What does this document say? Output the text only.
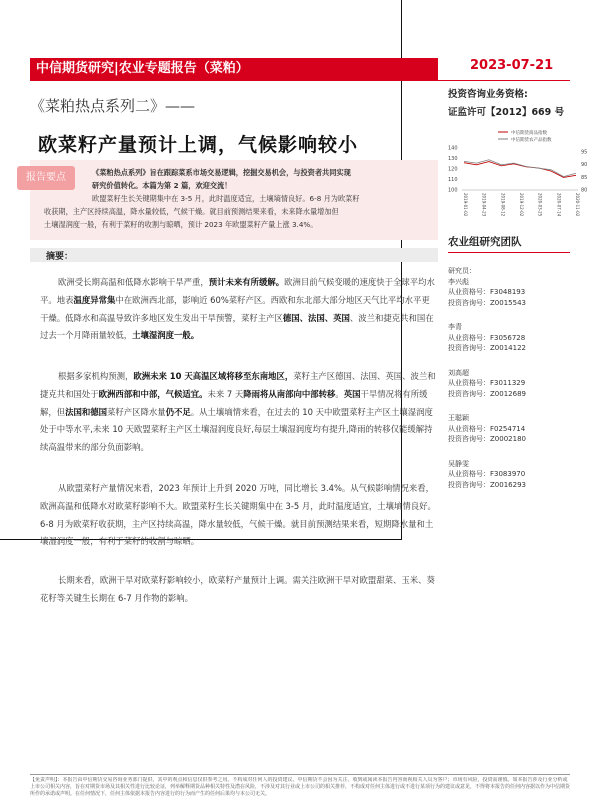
中信期货研究|农业专题报告（菜粕）	2023-07-21
《菜粕热点系列二》——
欧菜籽产量预计上调，气候影响较小
报告要点	《菜粕热点系列》旨在跟踪菜系市场交易逻辑，挖掘交易机会，与投资者共同实现
研究价值转化。本篇为第 2 篇，欢迎交流！
欧盟菜籽生长关键期集中在 3-5 月，此时温度适宜，土壤墒情良好。6-8 月为欧菜籽
收获期，主产区持续高温，降水量较低，气候干燥。就目前预测结果来看，未来降水量增加但
土壤湿润度一般，有利于菜籽的收割与晾晒，预计 2023 年欧盟菜籽产量上涨 3.4%。
摘要：
欧洲受长期高温和低降水影响干旱严重，预计未来有所缓解。欧洲目前气候变暖的速度快于全球平均水平。地表温度异常集中在欧洲西北部，影响近 60%菜籽产区。西欧和东北部大部分地区天气比平均水平更干燥。低降水和高温导致许多地区发生发出干旱预警，菜籽主产区德国、法国、英国、波兰和捷克共和国在过去一个月降雨量较低，土壤湿润度一般。
根据多家机构预测，欧洲未来 10 天高温区域将移至东南地区，菜籽主产区德国、法国、英国、波兰和捷克共和国处于欧洲西部和中部，气候适宜。未来 7 天降雨将从南部向中部转移。英国干旱情况将有所缓解，但法国和德国菜籽产区降水量仍不足。从土壤墒情来看，在过去的 10 天中欧盟菜籽主产区土壤湿润度处于中等水平,未来 10 天欧盟菜籽主产区土壤湿润度良好,每层土壤湿润度均有提升,降雨的转移仅能缓解持续高温带来的部分负面影响。
从欧盟菜籽产量情况来看，2023 年预计上升到 2020 万吨，同比增长 3.4%。从气候影响情况来看，欧洲高温和低降水对欧菜籽影响不大。欧盟菜籽生长关键期集中在 3-5 月，此时温度适宜，土壤墒情良好。6-8 月为欧菜籽收获期，主产区持续高温，降水量较低，气候干燥。就目前预测结果来看，短期降水量和土壤湿润度一般，有利于菜籽的收割与晾晒。
长期来看，欧洲干旱对欧菜籽影响较小，欧菜籽产量预计上调。需关注欧洲干旱对欧盟甜菜、玉米、葵花籽等关键生长期在 6-7 月作物的影响。
投资咨询业务资格:
证监许可【2012】669 号
中信期货商品指数
中信期货农产品指数
140
130
120
110
100
95
90
85
80
2019-01-02	2019-04-23	2019-08-12	2019-12-02	2020-03-25	2020-07-14	2020-11-02
农业组研究团队
研究员：
李兴彪
从业资格号：F3048193
投资咨询号：Z0015543
李青
从业资格号：F3056728
投资咨询号：Z0014122
刘高超
从业资格号：F3011329
投资咨询号：Z0012689
王聪颖
从业资格号：F0254714
投资咨询号：Z0002180
吴静雯
从业资格号：F3083970
投资咨询号：Z0016293
【免责声明】：本报告由中信期货交易咨询业务部门提供，其中的观点和信息仅供参考之用。不构成对任何人的投资建议。中信期货不会因为关注、收到或阅读本报告内容而视相关人员为客户；市场有风险，投资需谨慎。如本报告涉及行业分析或上市公司相关内容，旨在对期货市场及其相关性进行比较论证，列举解释期货品种相关特性及潜在风险，不涉及对其行业或上市公司的相关推荐，不构成对任何主体进行或不进行某项行为的建议或意见，不得将本报告的任何内容据以作为中信期货所作的承诺或声明。在任何情况下，任何主体依据本报告内容进行的行为而产生的任何后果均与本公司无关。
